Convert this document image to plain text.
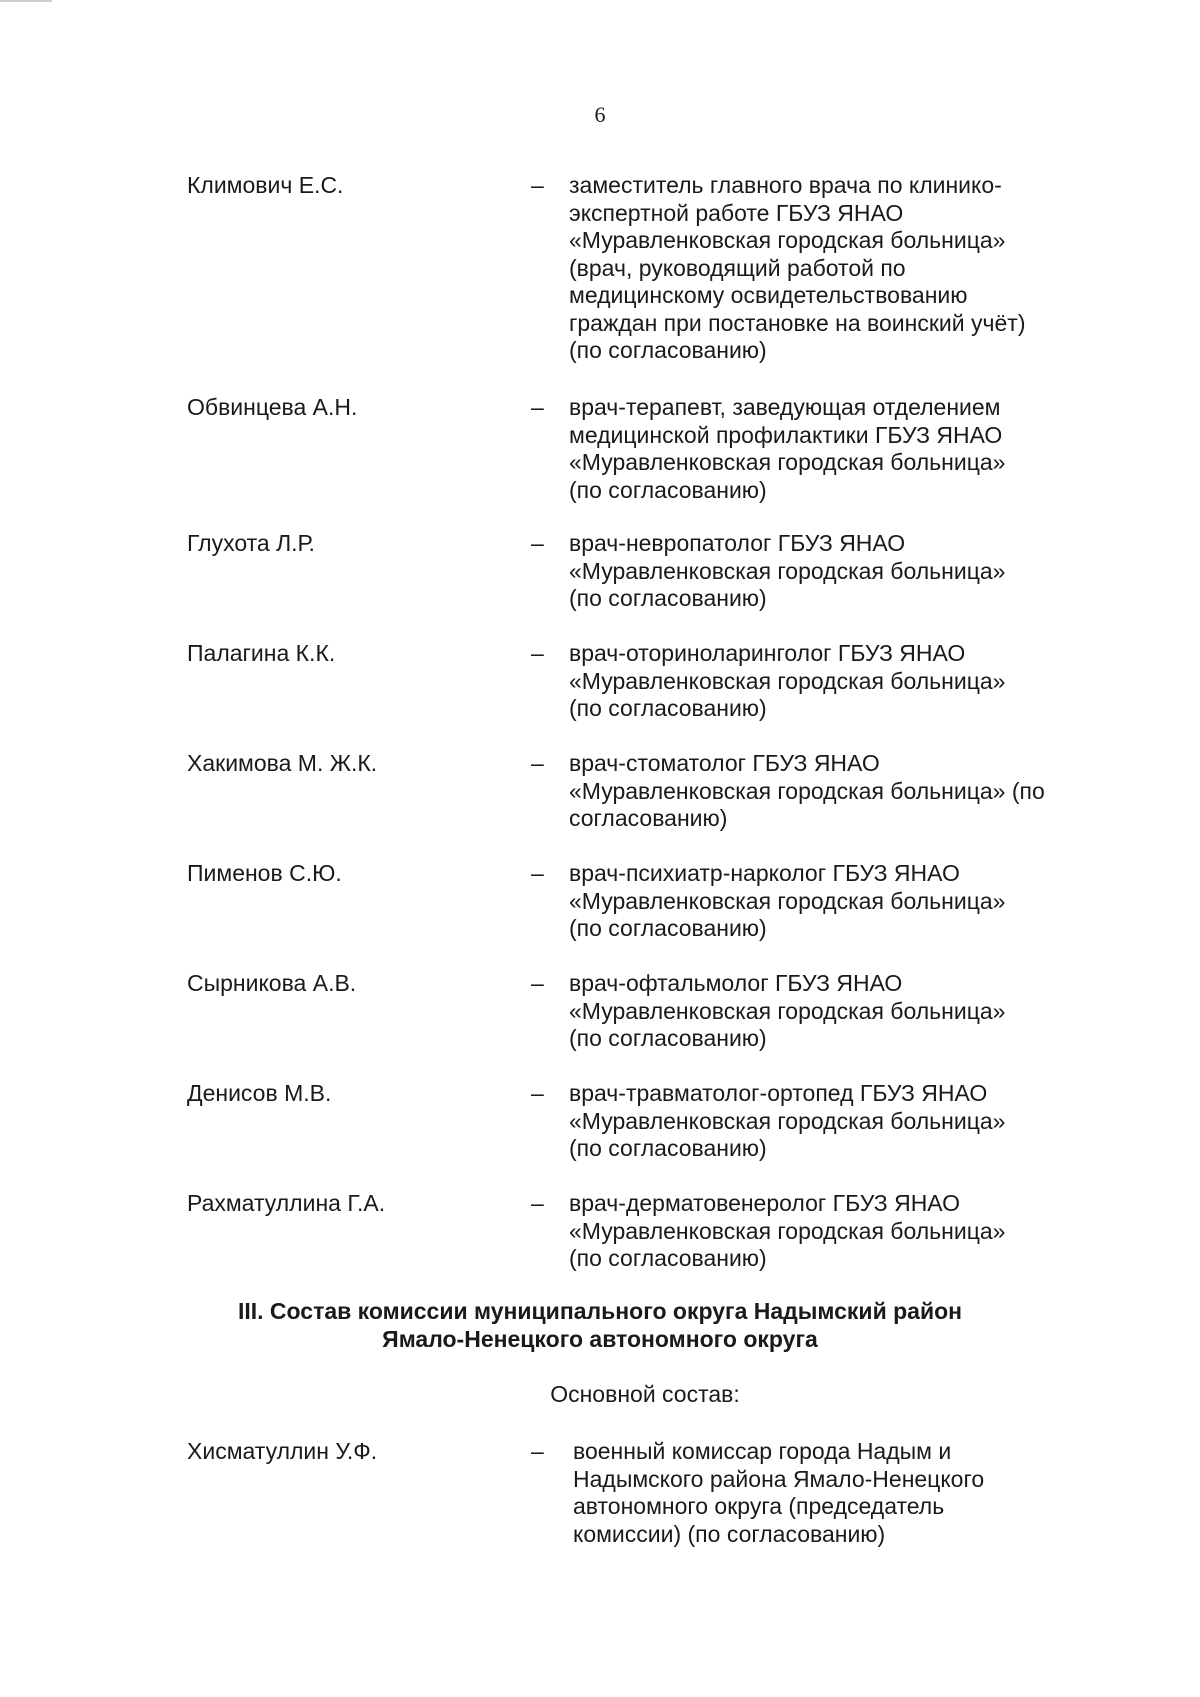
6
Климович Е.С.	– заместитель главного врача по клинико-
экспертной работе ГБУЗ ЯНАО
«Муравленковская городская больница»
(врач, руководящий работой по
медицинскому освидетельствованию
граждан при постановке на воинский учёт)
(по согласованию)
Обвинцева А.Н.	– врач-терапевт, заведующая отделением
медицинской профилактики ГБУЗ ЯНАО
«Муравленковская городская больница»
(по согласованию)
Глухота Л.Р.	– врач-невропатолог ГБУЗ ЯНАО
«Муравленковская городская больница»
(по согласованию)
Палагина К.К.	– врач-оториноларинголог ГБУЗ ЯНАО
«Муравленковская городская больница»
(по согласованию)
Хакимова М. Ж.К.	– врач-стоматолог ГБУЗ ЯНАО
«Муравленковская городская больница» (по
согласованию)
Пименов С.Ю.	– врач-психиатр-нарколог ГБУЗ ЯНАО
«Муравленковская городская больница»
(по согласованию)
Сырникова А.В.	– врач-офтальмолог ГБУЗ ЯНАО
«Муравленковская городская больница»
(по согласованию)
Денисов М.В.	– врач-травматолог-ортопед ГБУЗ ЯНАО
«Муравленковская городская больница»
(по согласованию)
Рахматуллина Г.А.	– врач-дерматовенеролог ГБУЗ ЯНАО
«Муравленковская городская больница»
(по согласованию)
III. Состав комиссии муниципального округа Надымский район
Ямало-Ненецкого автономного округа
Основной состав:
Хисматуллин У.Ф.	– военный комиссар города Надым и
Надымского района Ямало-Ненецкого
автономного округа (председатель
комиссии) (по согласованию)
